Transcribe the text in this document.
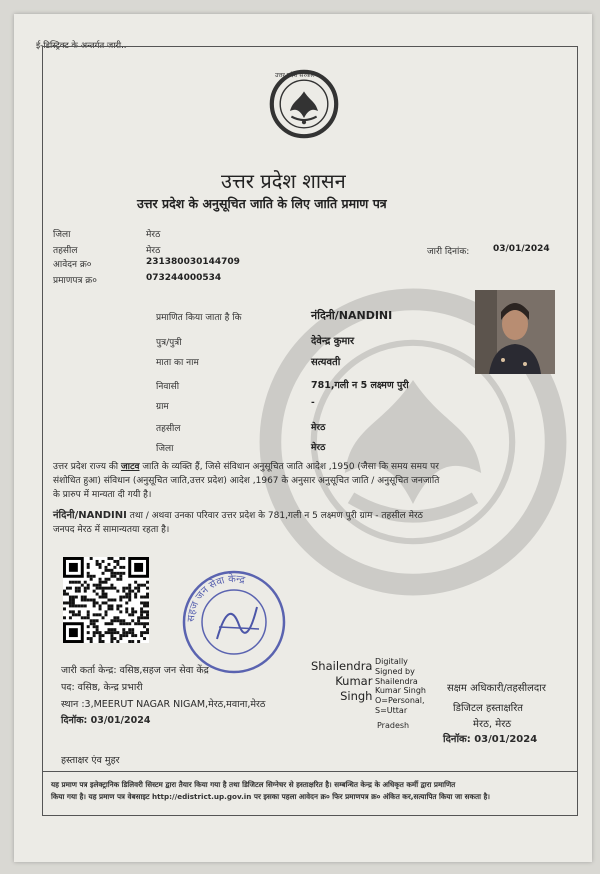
ई-डिस्ट्रिक्ट के अन्तर्गत जारी..
उत्तर प्रदेश सरकार
उत्तर प्रदेश शासन
उत्तर प्रदेश के अनुसूचित जाति के लिए जाति प्रमाण पत्र
जिला	मेरठ
तहसील	मेरठ
आवेदन क्र०	231380030144709
प्रमाणपत्र क्र०	073244000534
जारी दिनांक:	03/01/2024
प्रमाणित किया जाता है कि	नंदिनी/NANDINI
पुत्र/पुत्री	देवेन्द्र कुमार
माता का नाम	सत्यवती
निवासी	781,गली न 5 लक्ष्मण पुरी
ग्राम	-
तहसील	मेरठ
जिला	मेरठ

उत्तर प्रदेश राज्य की जाटव जाति के व्यक्ति हैं, जिसे संविधान अनुसूचित जाति आदेश ,1950 (जैसा कि समय समय पर

संशोधित हुआ) संविधान (अनुसूचित जाति,उत्तर प्रदेश) आदेश ,1967 के अनुसार अनुसूचित जाति / अनुसूचित जनजाति

के प्रारुप में मान्यता दी गयी है।

नंदिनी/NANDINI तथा / अथवा उनका परिवार उत्तर प्रदेश के 781,गली न 5 लक्ष्मण पुरी ग्राम - तहसील मेरठ

जनपद मेरठ में सामान्यतया रहता है।

सहज जन सेवा केन्द्र
जारी कर्ता केन्द्र: वसिष्ठ,सहज जन सेवा केंद्र
पद: वसिष्ठ, केन्द्र प्रभारी
स्थान :3,MEERUT NAGAR NIGAM,मेरठ,मवाना,मेरठ
दिनॉक: 03/01/2024
Shailendra
Kumar
Singh
Digitally
Signed by
Shailendra
Kumar Singh
O=Personal,
S=Uttar
Pradesh
सक्षम अधिकारी/तहसीलदार
डिजिटल हस्ताक्षरित
मेरठ, मेरठ
दिनॉक: 03/01/2024
हस्ताक्षर एंव मुहर
यह प्रमाण पत्र इलेक्ट्रानिक डिलिवरी सिस्टम द्वारा तैयार किया गया है तथा डिजिटल सिग्नेचर से हस्ताक्षरित है। सम्बन्धित केन्द्र के अधिकृत कर्मी द्वारा प्रमाणित
किया गया है। यह प्रमाण पत्र वेबसाइट http://edistrict.up.gov.in पर इसका पहला आवेदन क्र० फिर प्रमाणपत्र क्र० अंकित कर,सत्यापित किया जा सकता है।
